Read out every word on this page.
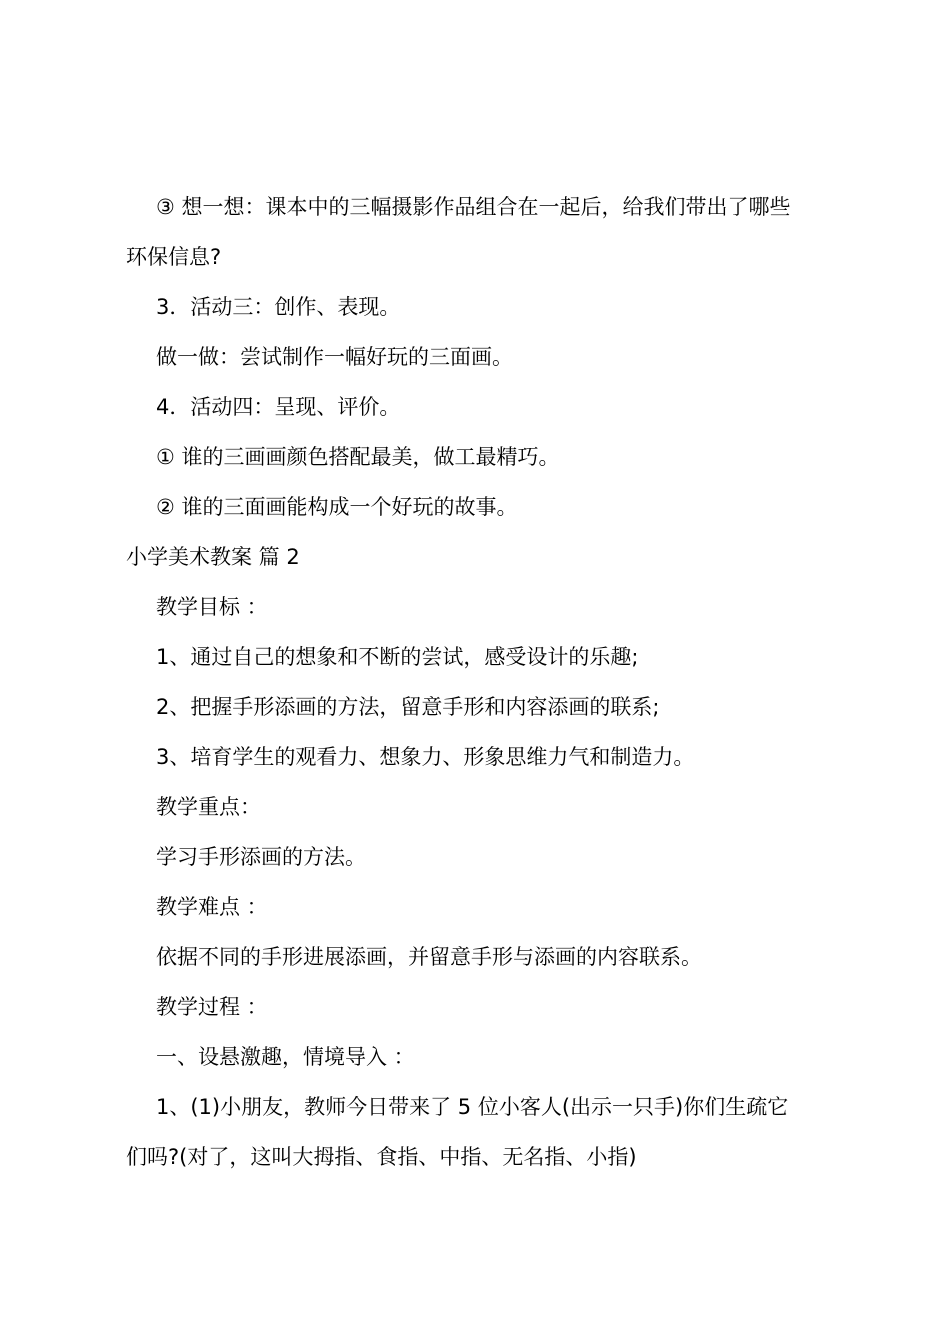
③ 想一想：课本中的三幅摄影作品组合在一起后，给我们带出了哪些
环保信息?
3．活动三：创作、表现。
做一做：尝试制作一幅好玩的三面画。
4．活动四：呈现、评价。
① 谁的三画画颜色搭配最美，做工最精巧。
② 谁的三面画能构成一个好玩的故事。
小学美术教案 篇 2
教学目标 ：
1、通过自己的想象和不断的尝试，感受设计的乐趣;
2、把握手形添画的方法，留意手形和内容添画的联系;
3、培育学生的观看力、想象力、形象思维力气和制造力。
教学重点：
学习手形添画的方法。
教学难点 ：
依据不同的手形进展添画，并留意手形与添画的内容联系。
教学过程 ：
一、设悬激趣，情境导入 ：
1、(1)小朋友，教师今日带来了 5 位小客人(出示一只手)你们生疏它
们吗?(对了，这叫大拇指、食指、中指、无名指、小指)
